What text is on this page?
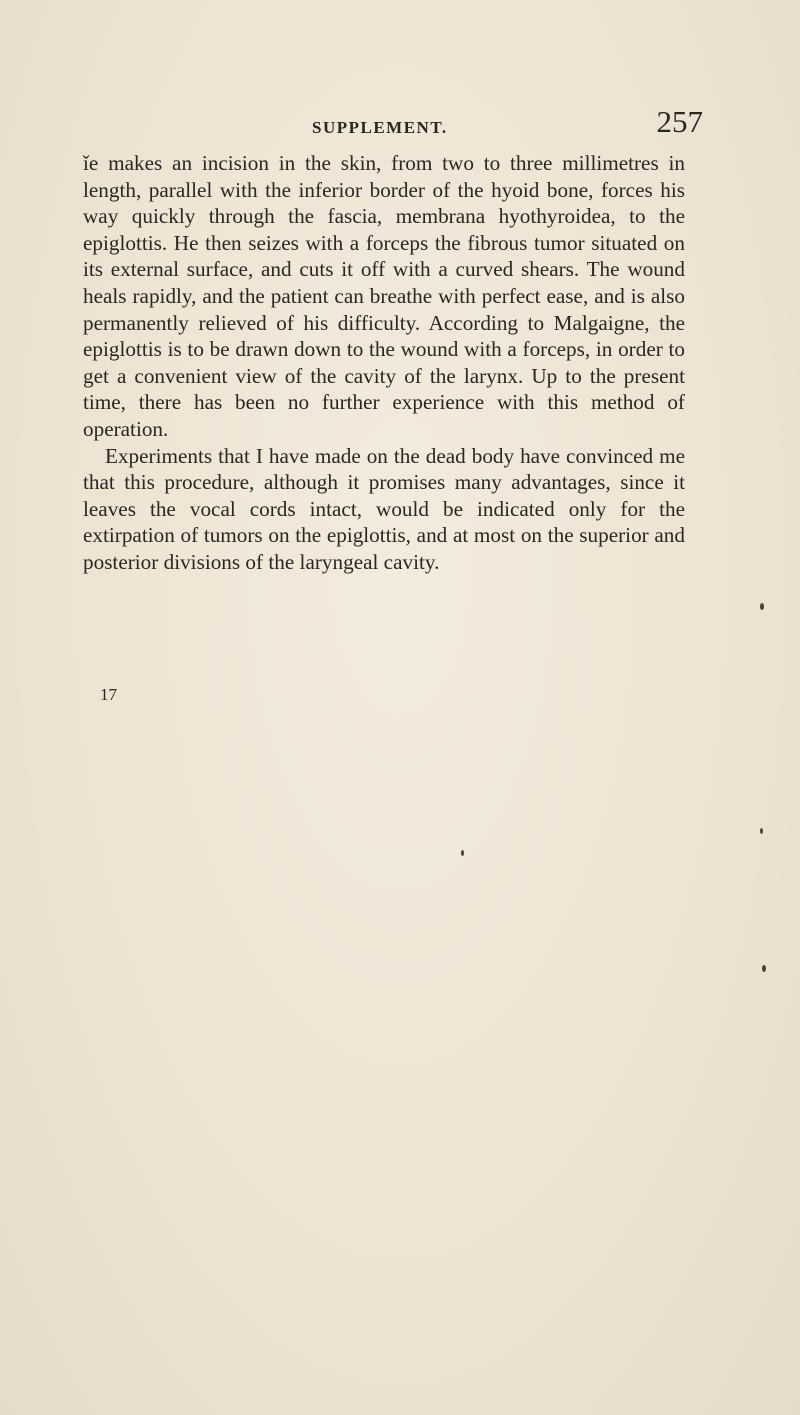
SUPPLEMENT.	257

ǐe makes an incision in the skin, from two to three millimetres in length, parallel with the inferior border of the hyoid bone, forces his way quickly through the fascia, membrana hyothyroidea, to the epiglottis. He then seizes with a forceps the fibrous tumor situated on its external surface, and cuts it off with a curved shears. The wound heals rapidly, and the patient can breathe with perfect ease, and is also permanently relieved of his difficulty. According to Malgaigne, the epiglottis is to be drawn down to the wound with a forceps, in order to get a convenient view of the cavity of the larynx. Up to the present time, there has been no further experience with this method of operation.

Experiments that I have made on the dead body have convinced me that this procedure, although it promises many advantages, since it leaves the vocal cords intact, would be indicated only for the extirpation of tumors on the epiglottis, and at most on the superior and posterior divisions of the laryngeal cavity.

17
